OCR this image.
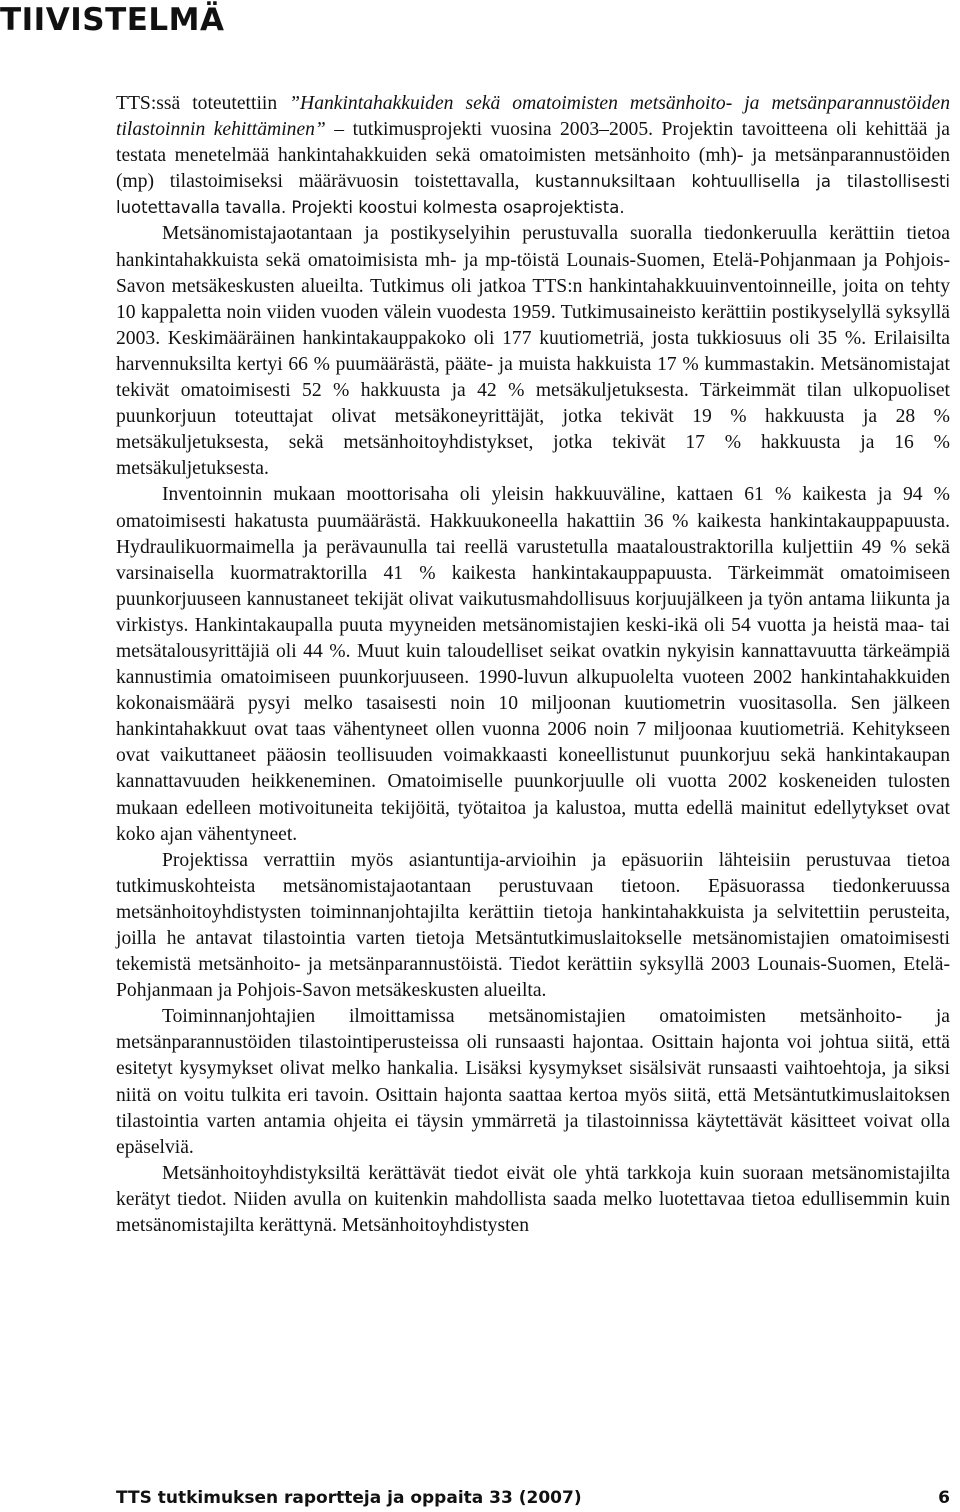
TIIVISTELMÄ

TTS:ssä toteutettiin ”Hankintahakkuiden sekä omatoimisten metsänhoito- ja metsänparannustöiden tilastoinnin kehittäminen” – tutkimusprojekti vuosina 2003–2005. Projektin tavoitteena oli kehittää ja testata menetelmää hankintahakkuiden sekä omatoimisten metsänhoito (mh)- ja metsänparannustöiden (mp) tilastoimiseksi määrävuosin toistettavalla, kustannuksiltaan kohtuullisella ja tilastollisesti luotettavalla tavalla. Projekti koostui kolmesta osaprojektista.

Metsänomistajaotantaan ja postikyselyihin perustuvalla suoralla tiedonkeruulla kerättiin tietoa hankintahakkuista sekä omatoimisista mh- ja mp-töistä Lounais-Suomen, Etelä-Pohjanmaan ja Pohjois-Savon metsäkeskusten alueilta. Tutkimus oli jatkoa TTS:n hankintahakkuuinventoinneille, joita on tehty 10 kappaletta noin viiden vuoden välein vuodesta 1959. Tutkimusaineisto kerättiin postikyselyllä syksyllä 2003. Keskimääräinen hankintakauppakoko oli 177 kuutiometriä, josta tukkiosuus oli 35 %. Erilaisilta harvennuksilta kertyi 66 % puumäärästä, pääte- ja muista hakkuista 17 % kummastakin. Metsänomistajat tekivät omatoimisesti 52 % hakkuusta ja 42 % metsäkuljetuksesta. Tärkeimmät tilan ulkopuoliset puunkorjuun toteuttajat olivat metsäkoneyrittäjät, jotka tekivät 19 % hakkuusta ja 28 % metsäkuljetuksesta, sekä metsänhoitoyhdistykset, jotka tekivät 17 % hakkuusta ja 16 % metsäkuljetuksesta.

Inventoinnin mukaan moottorisaha oli yleisin hakkuuväline, kattaen 61 % kaikesta ja 94 % omatoimisesti hakatusta puumäärästä. Hakkuukoneella hakattiin 36 % kaikesta hankintakauppapuusta. Hydraulikuormaimella ja perävaunulla tai reellä varustetulla maataloustraktorilla kuljettiin 49 % sekä varsinaisella kuormatraktorilla 41 % kaikesta hankintakauppapuusta. Tärkeimmät omatoimiseen puunkorjuuseen kannustaneet tekijät olivat vaikutusmahdollisuus korjuujälkeen ja työn antama liikunta ja virkistys. Hankintakaupalla puuta myyneiden metsänomistajien keski-ikä oli 54 vuotta ja heistä maa- tai metsätalousyrittäjiä oli 44 %. Muut kuin taloudelliset seikat ovatkin nykyisin kannattavuutta tärkeämpiä kannustimia omatoimiseen puunkorjuuseen. 1990-luvun alkupuolelta vuoteen 2002 hankintahakkuiden kokonaismäärä pysyi melko tasaisesti noin 10 miljoonan kuutiometrin vuositasolla. Sen jälkeen hankintahakkuut ovat taas vähentyneet ollen vuonna 2006 noin 7 miljoonaa kuutiometriä. Kehitykseen ovat vaikuttaneet pääosin teollisuuden voimakkaasti koneellistunut puunkorjuu sekä hankintakaupan kannattavuuden heikkeneminen. Omatoimiselle puunkorjuulle oli vuotta 2002 koskeneiden tulosten mukaan edelleen motivoituneita tekijöitä, työtaitoa ja kalustoa, mutta edellä mainitut edellytykset ovat koko ajan vähentyneet.

Projektissa verrattiin myös asiantuntija-arvioihin ja epäsuoriin lähteisiin perustuvaa tietoa tutkimuskohteista metsänomistajaotantaan perustuvaan tietoon. Epäsuorassa tiedonkeruussa metsänhoitoyhdistysten toiminnanjohtajilta kerättiin tietoja hankintahakkuista ja selvitettiin perusteita, joilla he antavat tilastointia varten tietoja Metsäntutkimuslaitokselle metsänomistajien omatoimisesti tekemistä metsänhoito- ja metsänparannustöistä. Tiedot kerättiin syksyllä 2003 Lounais-Suomen, Etelä-Pohjanmaan ja Pohjois-Savon metsäkeskusten alueilta.

Toiminnanjohtajien ilmoittamissa metsänomistajien omatoimisten metsänhoito- ja metsänparannustöiden tilastointiperusteissa oli runsaasti hajontaa. Osittain hajonta voi johtua siitä, että esitetyt kysymykset olivat melko hankalia. Lisäksi kysymykset sisälsivät runsaasti vaihtoehtoja, ja siksi niitä on voitu tulkita eri tavoin. Osittain hajonta saattaa kertoa myös siitä, että Metsäntutkimuslaitoksen tilastointia varten antamia ohjeita ei täysin ymmärretä ja tilastoinnissa käytettävät käsitteet voivat olla epäselviä.

Metsänhoitoyhdistyksiltä kerättävät tiedot eivät ole yhtä tarkkoja kuin suoraan metsänomistajilta kerätyt tiedot. Niiden avulla on kuitenkin mahdollista saada melko luotettavaa tietoa edullisemmin kuin metsänomistajilta kerättynä. Metsänhoitoyhdistysten

TTS tutkimuksen raportteja ja oppaita 33 (2007)	6
